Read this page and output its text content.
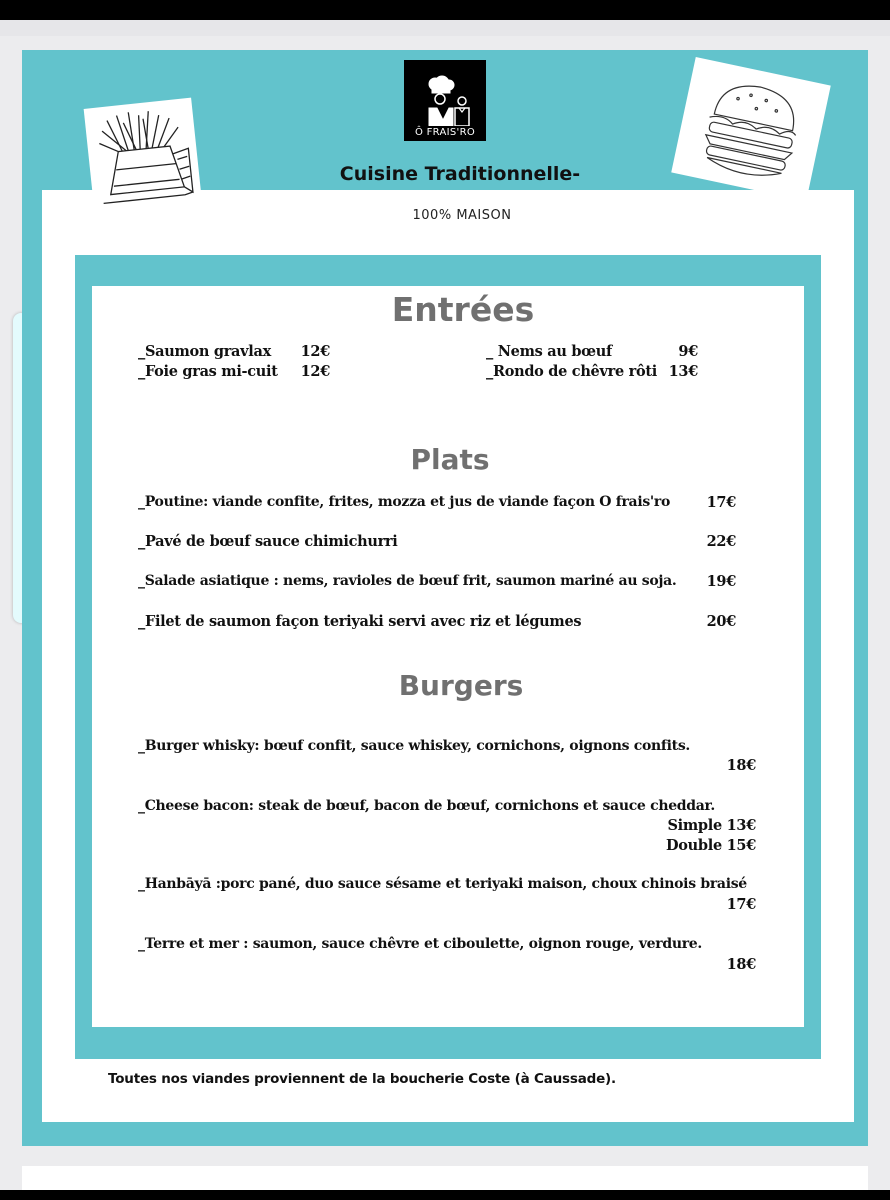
Ô FRAIS'RO
Cuisine Traditionnelle-
100% MAISON
Entrées
_Saumon gravlax	12€
_Foie gras mi-cuit	12€
_ Nems au bœuf	9€
_Rondo de chêvre rôti 13€
Plats
_Poutine: viande confite, frites, mozza et jus de viande façon O frais'ro	17€
_Pavé de bœuf sauce chimichurri	22€
_Salade asiatique : nems, ravioles de bœuf frit, saumon mariné au soja.	19€
_Filet de saumon façon teriyaki servi avec riz et légumes	20€
Burgers
_Burger whisky: bœuf confit, sauce whiskey, cornichons, oignons confits.
18€
_Cheese bacon: steak de bœuf, bacon de bœuf, cornichons et sauce cheddar.
Simple 13€
Double 15€
_Hanbāyā :porc pané, duo sauce sésame et teriyaki maison, choux chinois braisé
17€
_Terre et mer : saumon, sauce chêvre et ciboulette, oignon rouge, verdure.
18€
Toutes nos viandes proviennent de la boucherie Coste (à Caussade).
